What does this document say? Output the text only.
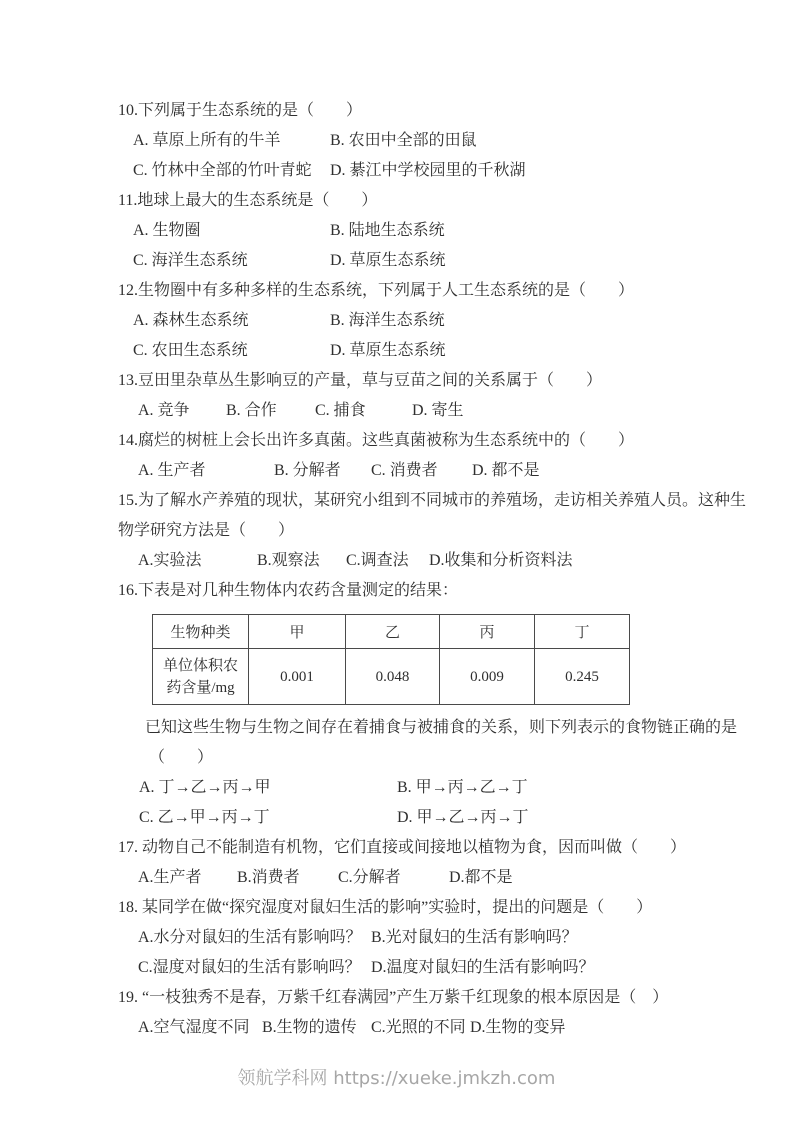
10.下列属于生态系统的是（　　）

A. 草原上所有的牛羊	B. 农田中全部的田鼠
C. 竹林中全部的竹叶青蛇 D. 綦江中学校园里的千秋湖

11.地球上最大的生态系统是（　　）

A. 生物圈	B. 陆地生态系统
C. 海洋生态系统	D. 草原生态系统

12.生物圈中有多种多样的生态系统，下列属于人工生态系统的是（　　）

A. 森林生态系统	B. 海洋生态系统
C. 农田生态系统	D. 草原生态系统

13.豆田里杂草丛生影响豆的产量，草与豆苗之间的关系属于（　　）

A. 竞争 B. 合作 C. 捕食	D. 寄生

14.腐烂的树桩上会长出许多真菌。这些真菌被称为生态系统中的（　　）

A. 生产者	B. 分解者 C. 消费者 D. 都不是

15.为了解水产养殖的现状，某研究小组到不同城市的养殖场，走访相关养殖人员。这种生物学研究方法是（　　）

A.实验法	B.观察法 C.调查法 D.收集和分析资料法

16.下表是对几种生物体内农药含量测定的结果：

生物种类	甲	乙	丙	丁
单位体积农药含量/mg	0.001	0.048	0.009	0.245

已知这些生物与生物之间存在着捕食与被捕食的关系，则下列表示的食物链正确的是

（　　）

A. 丁→乙→丙→甲	B. 甲→丙→乙→丁
C. 乙→甲→丙→丁	D. 甲→乙→丙→丁

17. 动物自己不能制造有机物，它们直接或间接地以植物为食，因而叫做（　　）

A.生产者 B.消费者 C.分解者	D.都不是

18. 某同学在做“探究湿度对鼠妇生活的影响”实验时，提出的问题是（　　）

A.水分对鼠妇的生活有影响吗？ B.光对鼠妇的生活有影响吗？
C.湿度对鼠妇的生活有影响吗？ D.温度对鼠妇的生活有影响吗？

19. “一枝独秀不是春，万紫千红春满园”产生万紫千红现象的根本原因是（　）

A.空气湿度不同 B.生物的遗传 C.光照的不同 D.生物的变异
领航学科网 https://xueke.jmkzh.com
